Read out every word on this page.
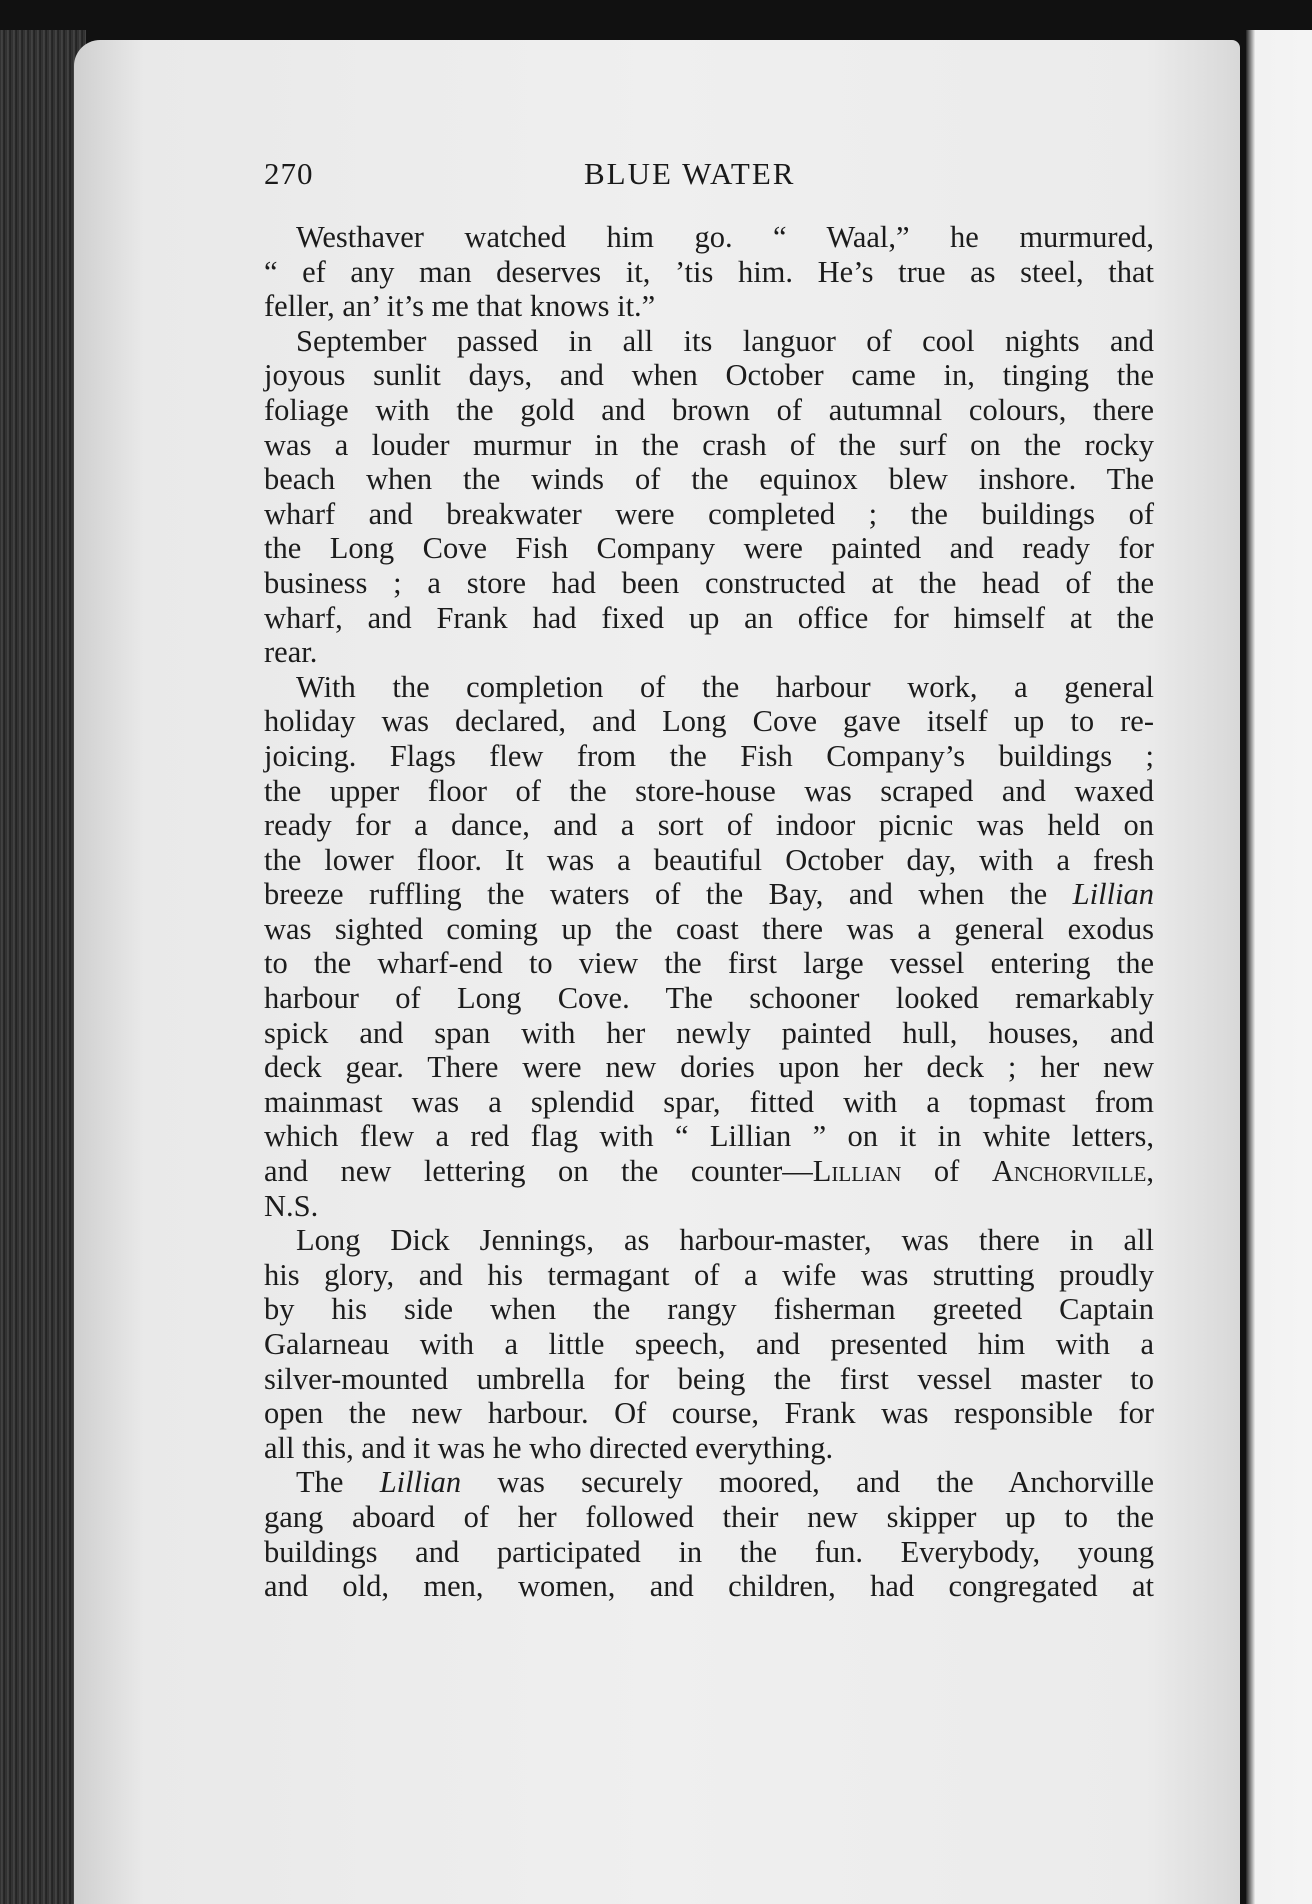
270	BLUE WATER
Westhaver watched him go. “ Waal,” he murmured,
“ ef any man deserves it, ’tis him. He’s true as steel, that
feller, an’ it’s me that knows it.”
September passed in all its languor of cool nights and
joyous sunlit days, and when October came in, tinging the
foliage with the gold and brown of autumnal colours, there
was a louder murmur in the crash of the surf on the rocky
beach when the winds of the equinox blew inshore. The
wharf and breakwater were completed ; the buildings of
the Long Cove Fish Company were painted and ready for
business ; a store had been constructed at the head of the
wharf, and Frank had fixed up an office for himself at the
rear.
With the completion of the harbour work, a general
holiday was declared, and Long Cove gave itself up to re-
joicing. Flags flew from the Fish Company’s buildings ;
the upper floor of the store-house was scraped and waxed
ready for a dance, and a sort of indoor picnic was held on
the lower floor. It was a beautiful October day, with a fresh
breeze ruffling the waters of the Bay, and when the Lillian
was sighted coming up the coast there was a general exodus
to the wharf-end to view the first large vessel entering the
harbour of Long Cove. The schooner looked remarkably
spick and span with her newly painted hull, houses, and
deck gear. There were new dories upon her deck ; her new
mainmast was a splendid spar, fitted with a topmast from
which flew a red flag with “ Lillian ” on it in white letters,
and new lettering on the counter—Lillian of Anchorville,
N.S.
Long Dick Jennings, as harbour-master, was there in all
his glory, and his termagant of a wife was strutting proudly
by his side when the rangy fisherman greeted Captain
Galarneau with a little speech, and presented him with a
silver-mounted umbrella for being the first vessel master to
open the new harbour. Of course, Frank was responsible for
all this, and it was he who directed everything.
The Lillian was securely moored, and the Anchorville
gang aboard of her followed their new skipper up to the
buildings and participated in the fun. Everybody, young
and old, men, women, and children, had congregated at
